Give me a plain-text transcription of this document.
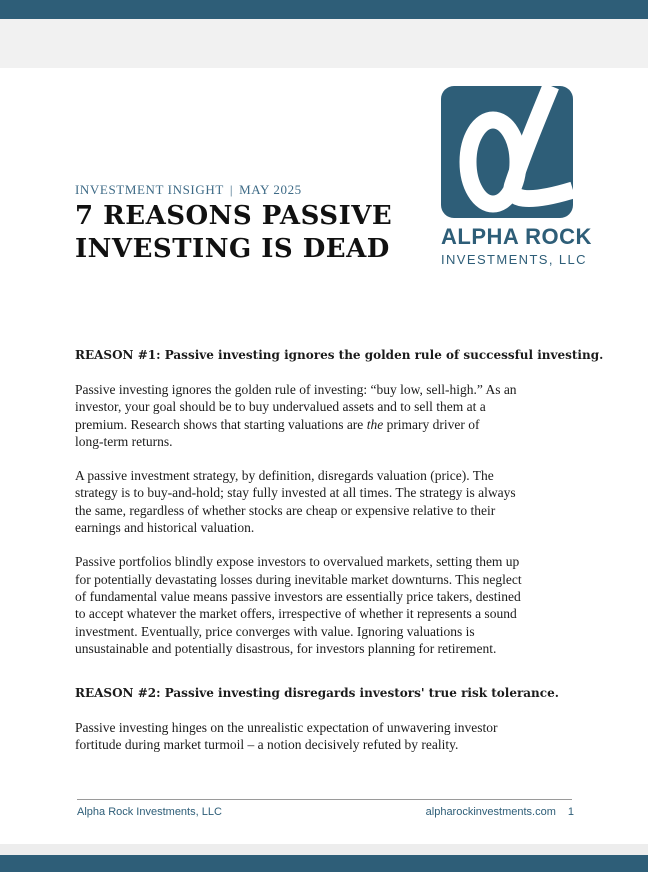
INVESTMENT INSIGHT | MAY 2025
7 REASONS PASSIVE
INVESTING IS DEAD	ALPHA ROCK
INVESTMENTS, LLC
REASON #1: Passive investing ignores the golden rule of successful investing.

Passive investing ignores the golden rule of investing: “buy low, sell-high.” As an
investor, your goal should be to buy undervalued assets and to sell them at a
premium. Research shows that starting valuations are the primary driver of
long-term returns.

A passive investment strategy, by definition, disregards valuation (price). The
strategy is to buy-and-hold; stay fully invested at all times. The strategy is always
the same, regardless of whether stocks are cheap or expensive relative to their
earnings and historical valuation.

Passive portfolios blindly expose investors to overvalued markets, setting them up
for potentially devastating losses during inevitable market downturns. This neglect
of fundamental value means passive investors are essentially price takers, destined
to accept whatever the market offers, irrespective of whether it represents a sound
investment. Eventually, price converges with value. Ignoring valuations is
unsustainable and potentially disastrous, for investors planning for retirement.

REASON #2: Passive investing disregards investors' true risk tolerance.

Passive investing hinges on the unrealistic expectation of unwavering investor
fortitude during market turmoil – a notion decisively refuted by reality.

Alpha Rock Investments, LLC	alpharockinvestments.com 1
